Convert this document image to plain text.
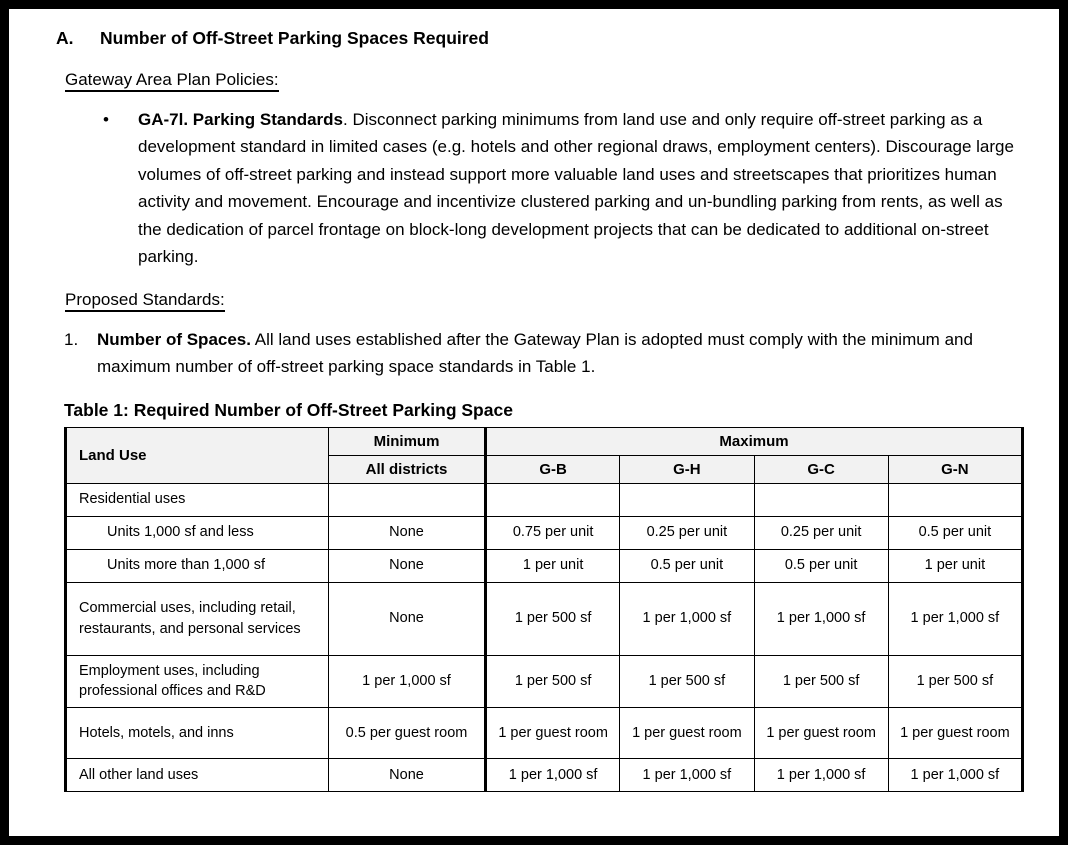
A.	Number of Off-Street Parking Spaces Required
Gateway Area Plan Policies:
•	GA-7l. Parking Standards. Disconnect parking minimums from land use and only require off-street parking as a development standard in limited cases (e.g. hotels and other regional draws, employment centers). Discourage large volumes of off-street parking and instead support more valuable land uses and streetscapes that prioritizes human activity and movement. Encourage and incentivize clustered parking and un-bundling parking from rents, as well as the dedication of parcel frontage on block-long development projects that can be dedicated to additional on-street parking.
Proposed Standards:
1.	Number of Spaces. All land uses established after the Gateway Plan is adopted must comply with the minimum and maximum number of off-street parking space standards in Table 1.
Table 1: Required Number of Off-Street Parking Space
Land Use	Minimum	Maximum			
	All districts	G-B	G-H	G-C	G-N
Residential uses					
Units 1,000 sf and less	None	0.75 per unit	0.25 per unit	0.25 per unit	0.5 per unit
Units more than 1,000 sf	None	1 per unit	0.5 per unit	0.5 per unit	1 per unit
Commercial uses, including retail, restaurants, and personal services	None	1 per 500 sf	1 per 1,000 sf	1 per 1,000 sf	1 per 1,000 sf
Employment uses, including professional offices and R&D	1 per 1,000 sf	1 per 500 sf	1 per 500 sf	1 per 500 sf	1 per 500 sf
Hotels, motels, and inns	0.5 per guest room	1 per guest room	1 per guest room	1 per guest room	1 per guest room
All other land uses	None	1 per 1,000 sf	1 per 1,000 sf	1 per 1,000 sf	1 per 1,000 sf
